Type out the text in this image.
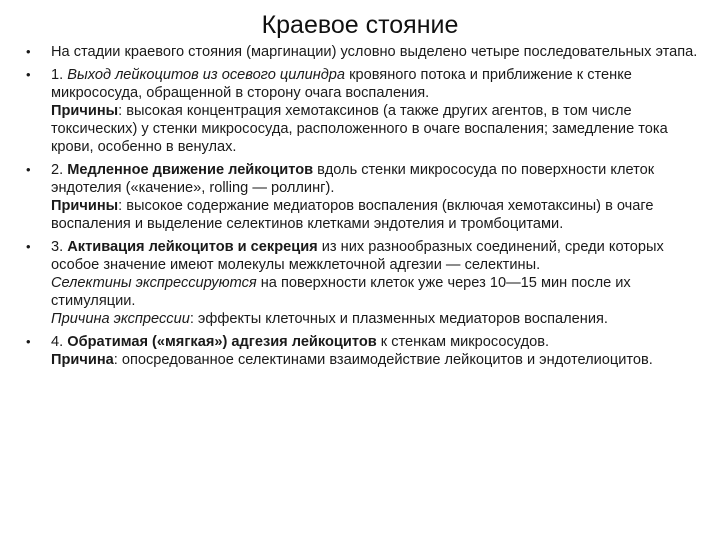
Краевое стояние
• На стадии краевого стояния (маргинации) условно выделено четыре последовательных этапа.
• 1. Выход лейкоцитов из осевого цилиндра кровяного потока и приближение к стенке микрососуда, обращенной в сторону очага воспаления.
Причины: высокая концентрация хемотаксинов (а также других агентов, в том числе токсических) у стенки микрососуда, расположенного в очаге воспаления; замедление тока крови, особенно в венулах.
• 2. Медленное движение лейкоцитов вдоль стенки микрососуда по поверхности клеток эндотелия («качение», rolling — роллинг).
Причины: высокое содержание медиаторов воспаления (включая хемотаксины) в очаге воспаления и выделение селектинов клетками эндотелия и тромбоцитами.
• 3. Активация лейкоцитов и секреция из них разнообразных соединений, среди которых особое значение имеют молекулы межклеточной адгезии — селектины.
Селектины экспрессируются на поверхности клеток уже через 10—15 мин после их стимуляции.
Причина экспрессии: эффекты клеточных и плазменных медиаторов воспаления.
• 4. Обратимая («мягкая») адгезия лейкоцитов к стенкам микрососудов.
Причина: опосредованное селектинами взаимодействие лейкоцитов и эндотелиоцитов.
